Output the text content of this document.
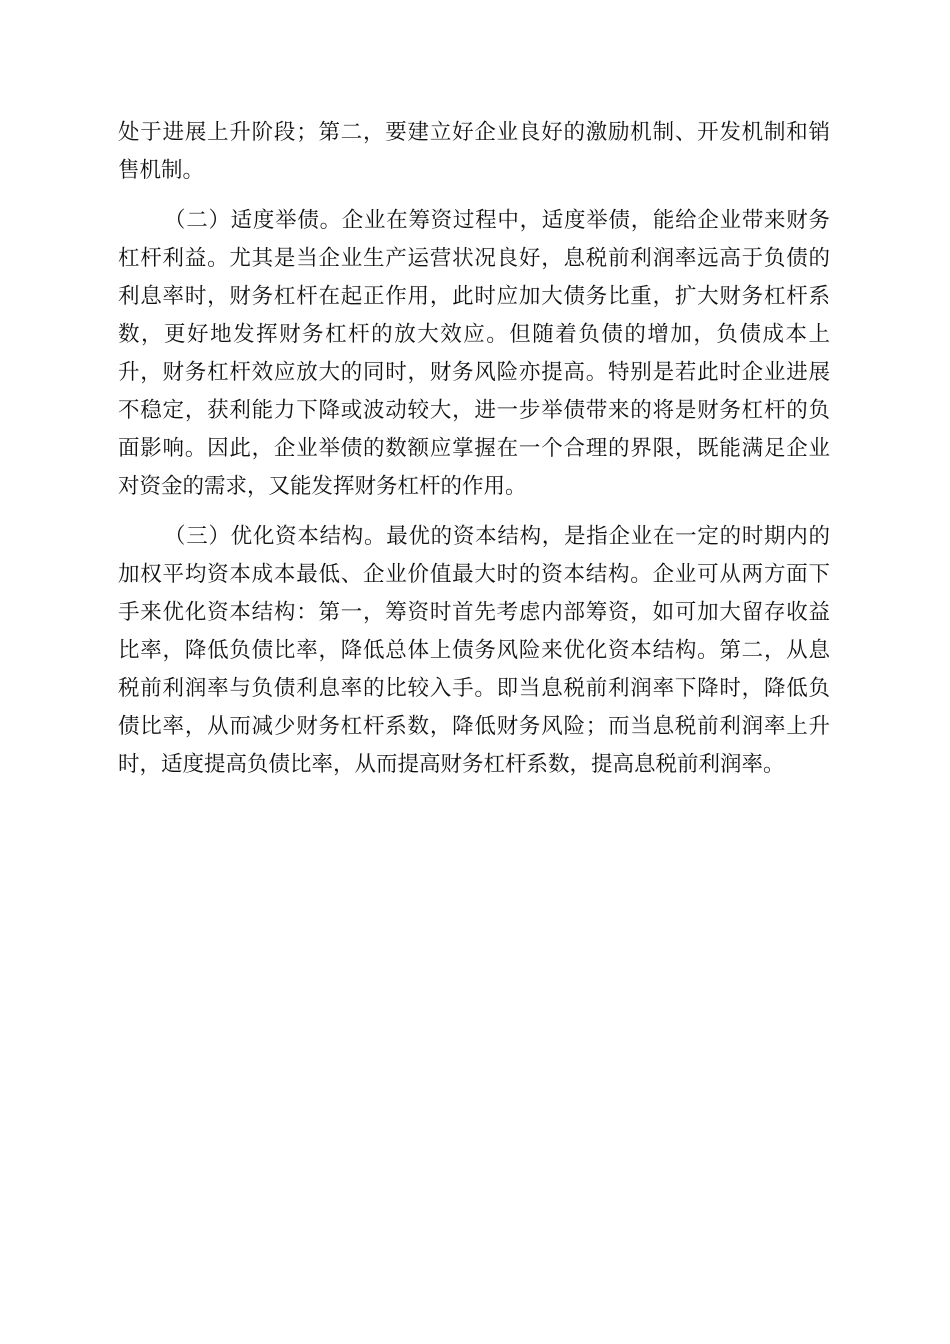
处于进展上升阶段；第二，要建立好企业良好的激励机制、开发机制和销
售机制。
（二）适度举债。企业在筹资过程中，适度举债，能给企业带来财务
杠杆利益。尤其是当企业生产运营状况良好，息税前利润率远高于负债的
利息率时，财务杠杆在起正作用，此时应加大债务比重，扩大财务杠杆系
数，更好地发挥财务杠杆的放大效应。但随着负债的增加，负债成本上
升，财务杠杆效应放大的同时，财务风险亦提高。特别是若此时企业进展
不稳定，获利能力下降或波动较大，进一步举债带来的将是财务杠杆的负
面影响。因此，企业举债的数额应掌握在一个合理的界限，既能满足企业
对资金的需求，又能发挥财务杠杆的作用。
（三）优化资本结构。最优的资本结构，是指企业在一定的时期内的
加权平均资本成本最低、企业价值最大时的资本结构。企业可从两方面下
手来优化资本结构：第一，筹资时首先考虑内部筹资，如可加大留存收益
比率，降低负债比率，降低总体上债务风险来优化资本结构。第二，从息
税前利润率与负债利息率的比较入手。即当息税前利润率下降时，降低负
债比率，从而减少财务杠杆系数，降低财务风险；而当息税前利润率上升
时，适度提高负债比率，从而提高财务杠杆系数，提高息税前利润率。
